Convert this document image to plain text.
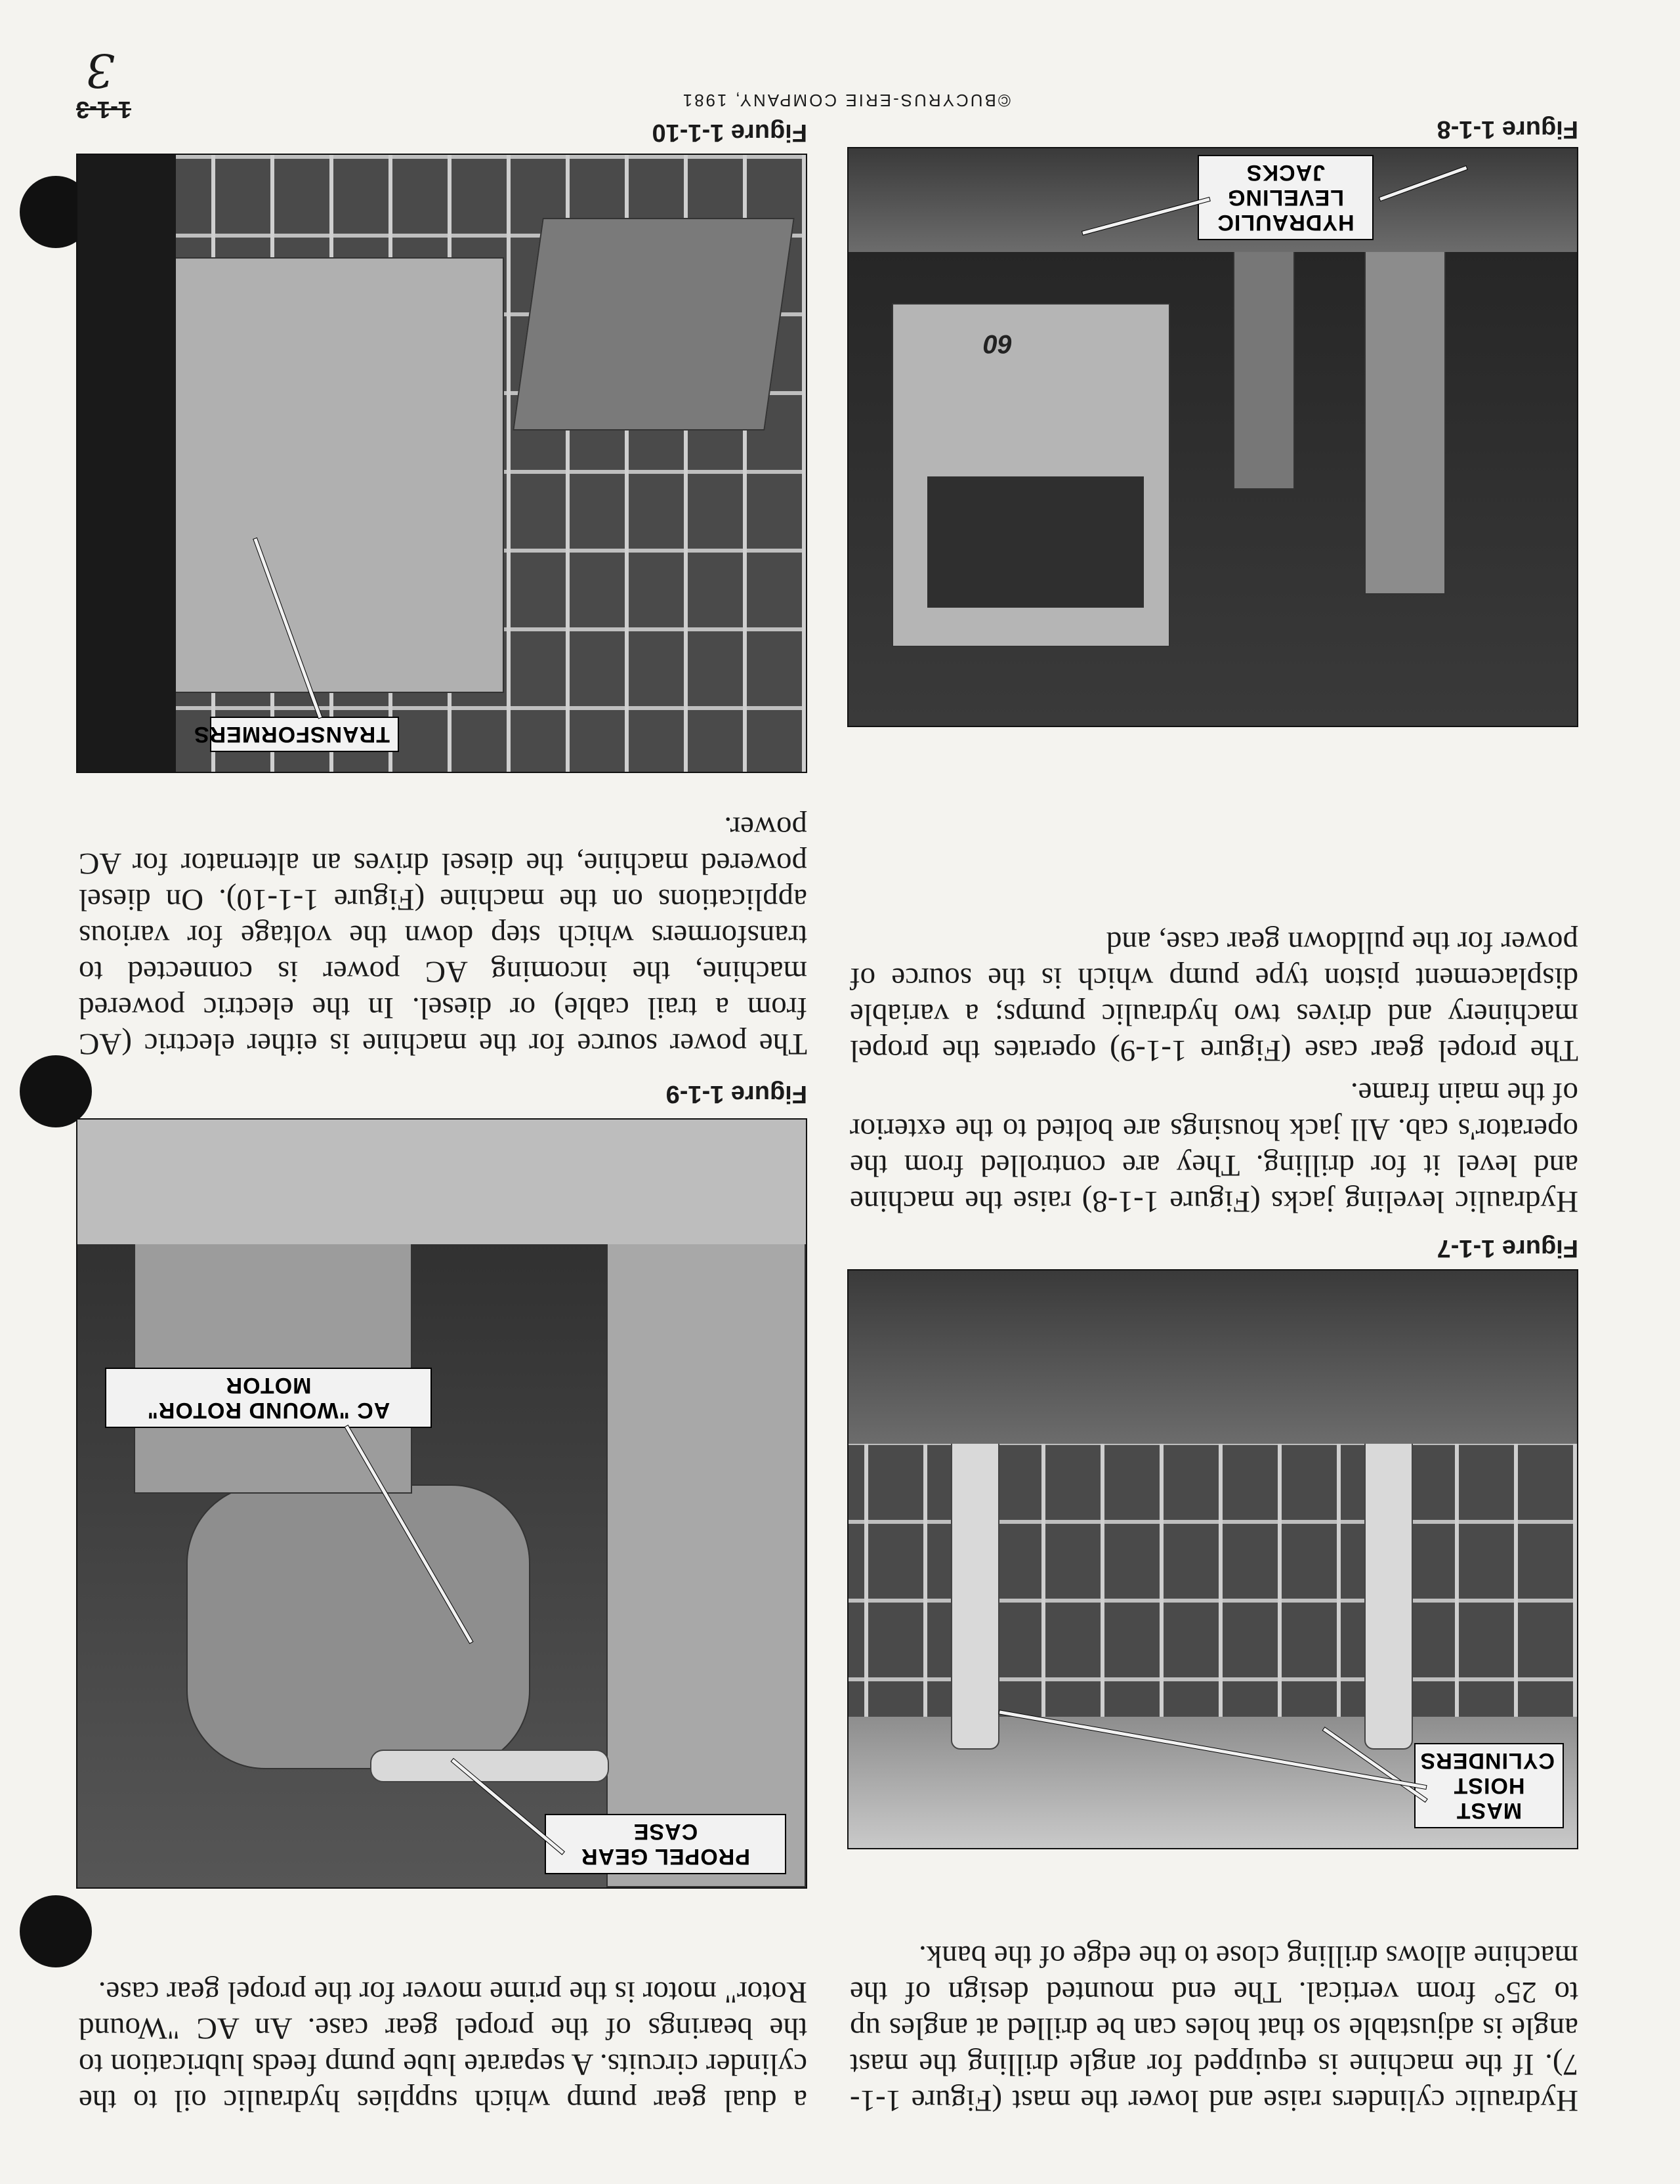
Hydraulic cylinders raise and lower the mast (Figure 1-1-7). If the machine is equipped for angle drilling the mast angle is adjustable so that holes can be drilled at angles up to 25° from vertical. The end mounted design of the machine allows drilling close to the edge of the bank.

MAST HOIST CYLINDERS
Figure 1-1-7

Hydraulic leveling jacks (Figure 1-1-8) raise the machine and level it for drilling. They are controlled from the operator's cab. All jack housings are bolted to the exterior of the main frame.

The propel gear case (Figure 1-1-9) operates the propel machinery and drives two hydraulic pumps; a variable displacement piston type pump which is the source of power for the pulldown gear case, and

60
HYDRAULIC LEVELING JACKS
Figure 1-1-8

a dual gear pump which supplies hydraulic oil to the cylinder circuits. A separate lube pump feeds lubrication to the bearings of the propel gear case. An AC "Wound Rotor" motor is the prime mover for the propel gear case.

PROPEL GEAR CASE
AC "WOUND ROTOR" MOTOR
Figure 1-1-9

The power source for the machine is either electric (AC from a trail cable) or diesel. In the electric powered machine, the incoming AC power is connected to transformers which step down the voltage for various applications on the machine (Figure 1-1-10). On diesel powered machine, the diesel drives an alternator for AC power.

TRANSFORMERS
Figure 1-1-10
©BUCYRUS-ERIE COMPANY, 1981
1-1-3
3
